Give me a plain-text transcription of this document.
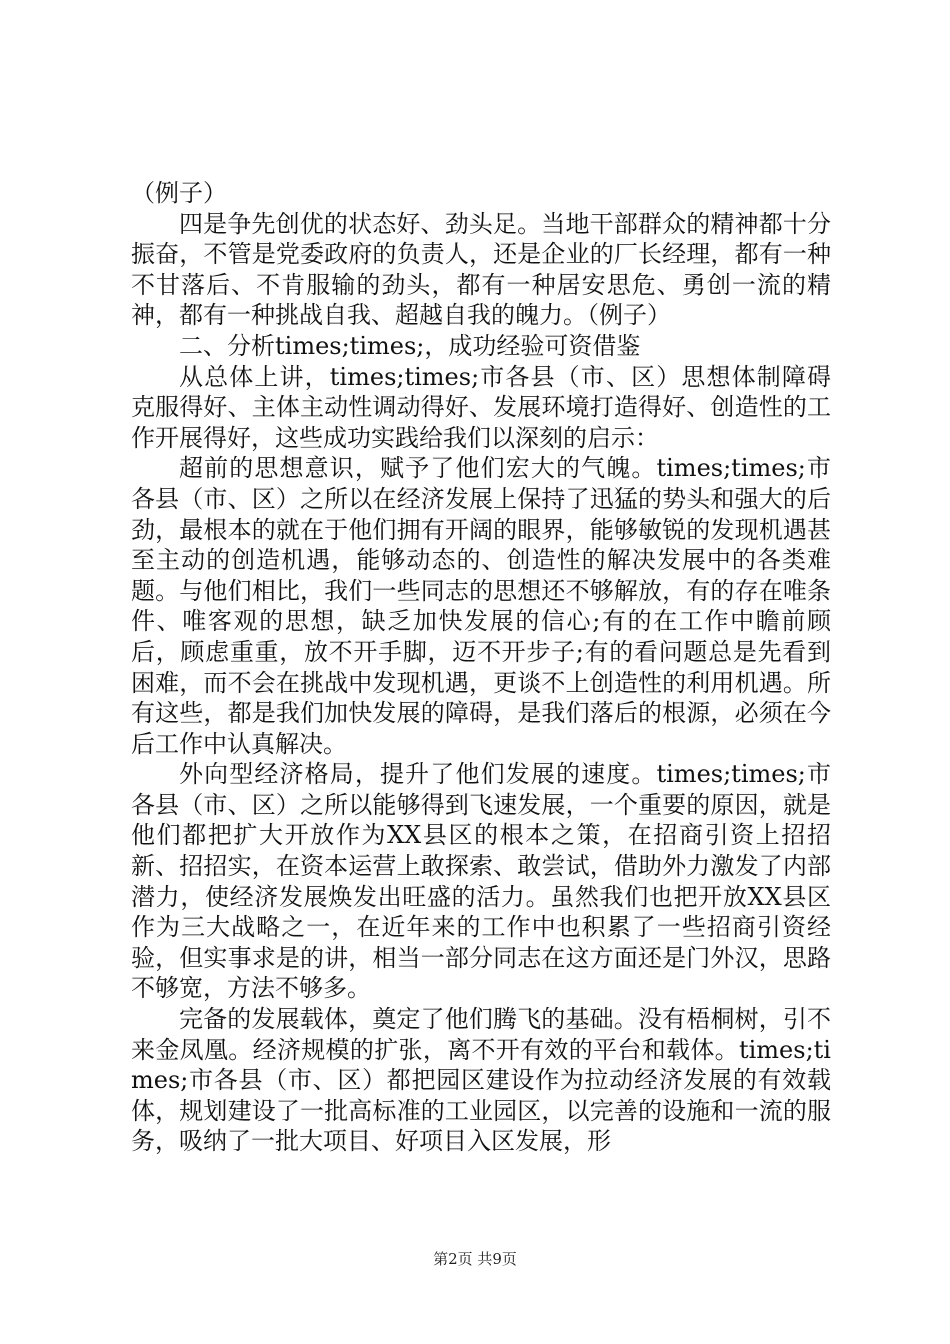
（例子）

四是争先创优的状态好、劲头足。当地干部群众的精神都十分振奋，不管是党委政府的负责人，还是企业的厂长经理，都有一种不甘落后、不肯服输的劲头，都有一种居安思危、勇创一流的精神，都有一种挑战自我、超越自我的魄力。（例子）

二、分析times;times;，成功经验可资借鉴

从总体上讲，times;times;市各县（市、区）思想体制障碍克服得好、主体主动性调动得好、发展环境打造得好、创造性的工作开展得好，这些成功实践给我们以深刻的启示：

超前的思想意识，赋予了他们宏大的气魄。times;times;市各县（市、区）之所以在经济发展上保持了迅猛的势头和强大的后劲，最根本的就在于他们拥有开阔的眼界，能够敏锐的发现机遇甚至主动的创造机遇，能够动态的、创造性的解决发展中的各类难题。与他们相比，我们一些同志的思想还不够解放，有的存在唯条件、唯客观的思想，缺乏加快发展的信心;有的在工作中瞻前顾后，顾虑重重，放不开手脚，迈不开步子;有的看问题总是先看到困难，而不会在挑战中发现机遇，更谈不上创造性的利用机遇。所有这些，都是我们加快发展的障碍，是我们落后的根源，必须在今后工作中认真解决。

外向型经济格局，提升了他们发展的速度。times;times;市各县（市、区）之所以能够得到飞速发展，一个重要的原因，就是他们都把扩大开放作为XX县区的根本之策，在招商引资上招招新、招招实，在资本运营上敢探索、敢尝试，借助外力激发了内部潜力，使经济发展焕发出旺盛的活力。虽然我们也把开放XX县区作为三大战略之一，在近年来的工作中也积累了一些招商引资经验，但实事求是的讲，相当一部分同志在这方面还是门外汉，思路不够宽，方法不够多。

完备的发展载体，奠定了他们腾飞的基础。没有梧桐树，引不来金凤凰。经济规模的扩张，离不开有效的平台和载体。times;times;市各县（市、区）都把园区建设作为拉动经济发展的有效载体，规划建设了一批高标准的工业园区，以完善的设施和一流的服务，吸纳了一批大项目、好项目入区发展，形

第2页 共9页
